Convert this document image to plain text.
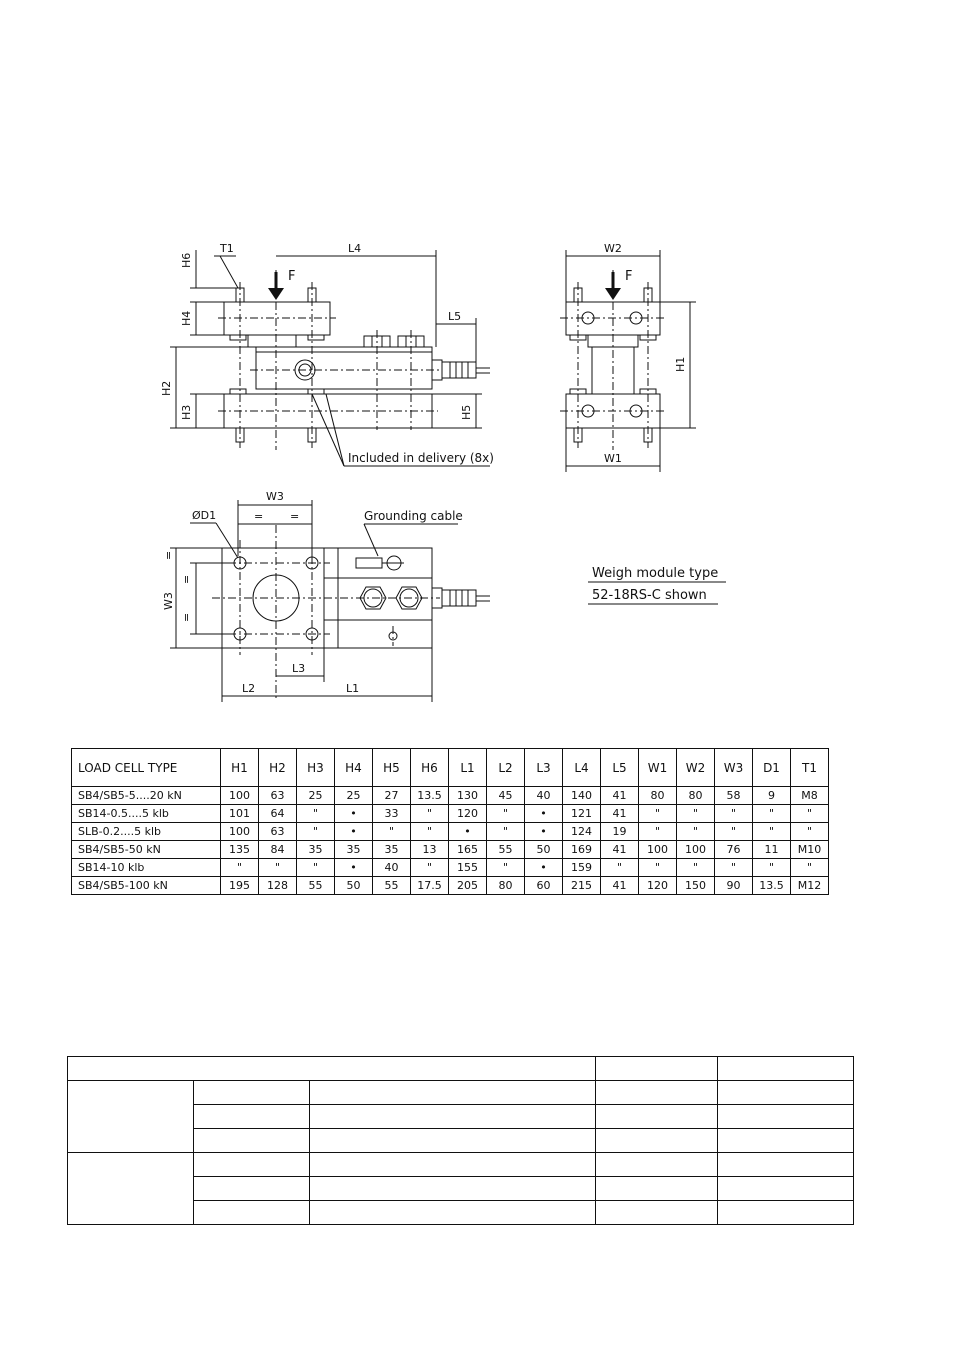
H6
T1	L4
F
H4	L5
H2
H3	H5
Included in delivery (8x)
W2
F
H1
W1
W3
ØD1	= =	Grounding cable
W3
=
=
=
L3
L2	L1
Weigh module type
52-18RS-C shown
LOAD CELL TYPE	H1	H2	H3	H4	H5	H6	L1	L2	L3	L4	L5	W1	W2	W3	D1	T1
SB4/SB5-5....20 kN	100	63	25	25	27	13.5	130	45	40	140	41	80	80	58	9	M8
SB14-0.5....5 klb	101	64	"	•	33	"	120	"	•	121	41	"	"	"	"	"
SLB-0.2....5 klb	100	63	"	•	"	"	•	"	•	124	19	"	"	"	"	"
SB4/SB5-50 kN	135	84	35	35	35	13	165	55	50	169	41	100	100	76	11	M10
SB14-10 klb	"	"	"	•	40	"	155	"	•	159	"	"	"	"	"	"
SB4/SB5-100 kN	195	128	55	50	55	17.5	205	80	60	215	41	120	150	90	13.5	M12
